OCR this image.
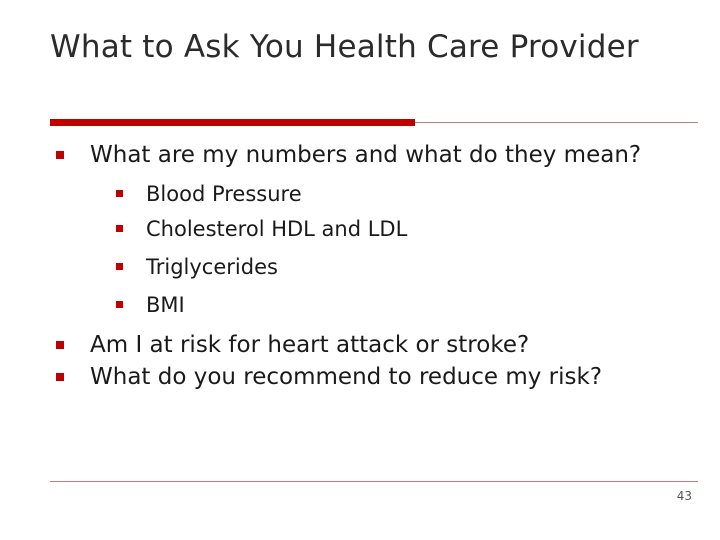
What to Ask You Health Care Provider
What are my numbers and what do they mean?
Blood Pressure
Cholesterol HDL and LDL
Triglycerides
BMI
Am I at risk for heart attack or stroke?
What do you recommend to reduce my risk?
43
